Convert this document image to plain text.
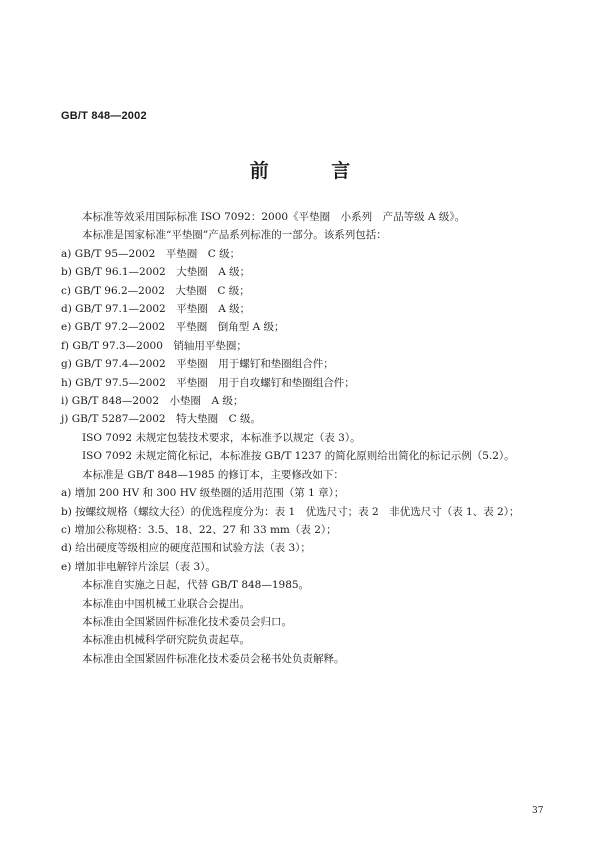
GB/T 848—2002
前 言

本标准等效采用国际标准 ISO 7092：2000《平垫圈　小系列　产品等级 A 级》。

本标准是国家标准“平垫圈”产品系列标准的一部分。该系列包括：

a) GB/T 95—2002　平垫圈　C 级；

b) GB/T 96.1—2002　大垫圈　A 级；

c) GB/T 96.2—2002　大垫圈　C 级；

d) GB/T 97.1—2002　平垫圈　A 级；

e) GB/T 97.2—2002　平垫圈　倒角型 A 级；

f) GB/T 97.3—2000　销轴用平垫圈；

g) GB/T 97.4—2002　平垫圈　用于螺钉和垫圈组合件；

h) GB/T 97.5—2002　平垫圈　用于自攻螺钉和垫圈组合件；

i) GB/T 848—2002　小垫圈　A 级；

j) GB/T 5287—2002　特大垫圈　C 级。

ISO 7092 未规定包装技术要求，本标准予以规定（表 3）。

ISO 7092 未规定简化标记，本标准按 GB/T 1237 的简化原则给出简化的标记示例（5.2）。

本标准是 GB/T 848—1985 的修订本，主要修改如下：

a) 增加 200 HV 和 300 HV 级垫圈的适用范围（第 1 章）；

b) 按螺纹规格（螺纹大径）的优选程度分为：表 1　优选尺寸；表 2　非优选尺寸（表 1、表 2）；

c) 增加公称规格：3.5、18、22、27 和 33 mm（表 2）；

d) 给出硬度等级相应的硬度范围和试验方法（表 3）；

e) 增加非电解锌片涂层（表 3）。

本标准自实施之日起，代替 GB/T 848—1985。

本标准由中国机械工业联合会提出。

本标准由全国紧固件标准化技术委员会归口。

本标准由机械科学研究院负责起草。

本标准由全国紧固件标准化技术委员会秘书处负责解释。

37
